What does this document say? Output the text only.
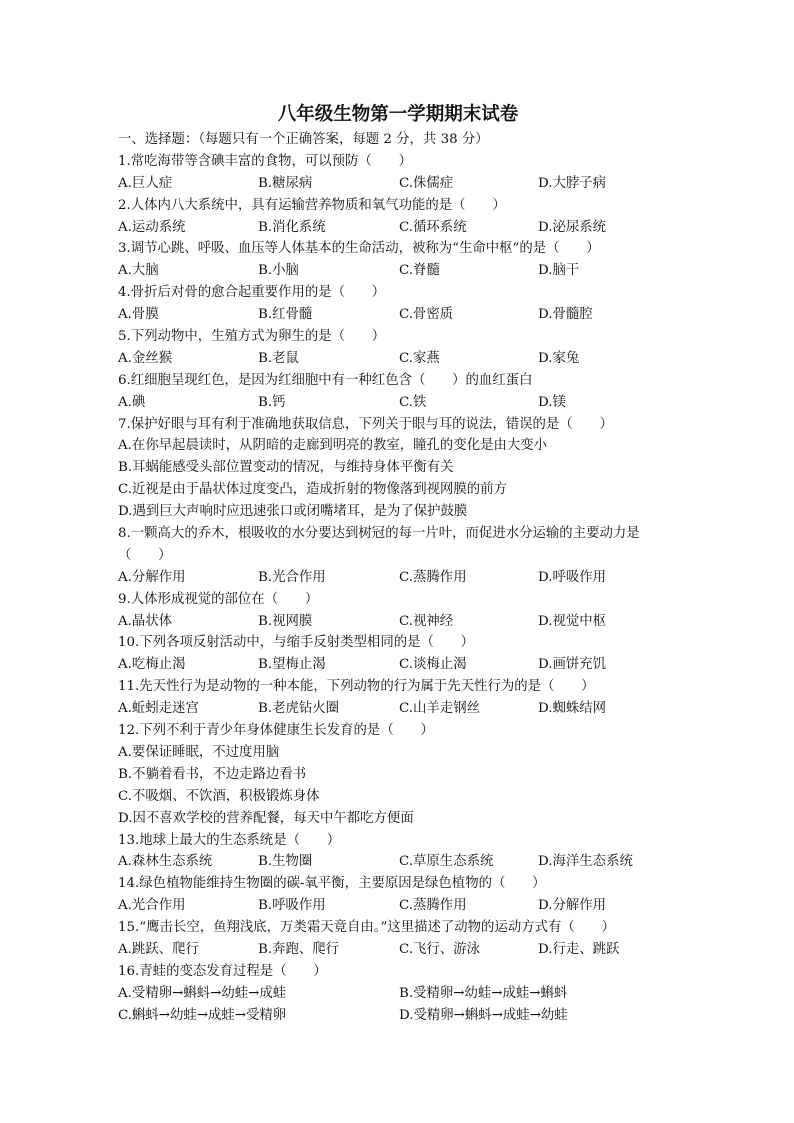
八年级生物第一学期期末试卷
一、选择题：（每题只有一个正确答案，每题 2 分，共 38 分）
1.常吃海带等含碘丰富的食物，可以预防（　　）
A.巨人症	B.糖尿病	C.侏儒症	D.大脖子病
2.人体内八大系统中，具有运输营养物质和氧气功能的是（　　）
A.运动系统	B.消化系统	C.循环系统	D.泌尿系统
3.调节心跳、呼吸、血压等人体基本的生命活动，被称为“生命中枢”的是（　　）
A.大脑	B.小脑	C.脊髓	D.脑干
4.骨折后对骨的愈合起重要作用的是（　　）
A.骨膜	B.红骨髓	C.骨密质	D.骨髓腔
5.下列动物中，生殖方式为卵生的是（　　）
A.金丝猴	B.老鼠	C.家燕	D.家兔
6.红细胞呈现红色，是因为红细胞中有一种红色含（　　）的血红蛋白
A.碘	B.钙	C.铁	D.镁
7.保护好眼与耳有利于准确地获取信息，下列关于眼与耳的说法，错误的是（　　）
A.在你早起晨读时，从阴暗的走廊到明亮的教室，瞳孔的变化是由大变小
B.耳蜗能感受头部位置变动的情况，与维持身体平衡有关
C.近视是由于晶状体过度变凸，造成折射的物像落到视网膜的前方
D.遇到巨大声响时应迅速张口或闭嘴堵耳，是为了保护鼓膜
8.一颗高大的乔木，根吸收的水分要达到树冠的每一片叶，而促进水分运输的主要动力是
（　　）
A.分解作用	B.光合作用	C.蒸腾作用	D.呼吸作用
9.人体形成视觉的部位在（　　）
A.晶状体	B.视网膜	C.视神经	D.视觉中枢
10.下列各项反射活动中，与缩手反射类型相同的是（　　）
A.吃梅止渴	B.望梅止渴	C.谈梅止渴	D.画饼充饥
11.先天性行为是动物的一种本能，下列动物的行为属于先天性行为的是（　　）
A.蚯蚓走迷宫	B.老虎钻火圈	C.山羊走钢丝	D.蜘蛛结网
12.下列不利于青少年身体健康生长发育的是（　　）
A.要保证睡眠，不过度用脑
B.不躺着看书，不边走路边看书
C.不吸烟、不饮酒，积极锻炼身体
D.因不喜欢学校的营养配餐，每天中午都吃方便面
13.地球上最大的生态系统是（　　）
A.森林生态系统	B.生物圈	C.草原生态系统	D.海洋生态系统
14.绿色植物能维持生物圈的碳-氧平衡，主要原因是绿色植物的（　　）
A.光合作用	B.呼吸作用	C.蒸腾作用	D.分解作用
15.“鹰击长空，鱼翔浅底，万类霜天竟自由。”这里描述了动物的运动方式有（　　）
A.跳跃、爬行	B.奔跑、爬行	C.飞行、游泳	D.行走、跳跃
16.青蛙的变态发育过程是（　　）
A.受精卵→蝌蚪→幼蛙→成蛙	B.受精卵→幼蛙→成蛙→蝌蚪
C.蝌蚪→幼蛙→成蛙→受精卵	D.受精卵→蝌蚪→成蛙→幼蛙
